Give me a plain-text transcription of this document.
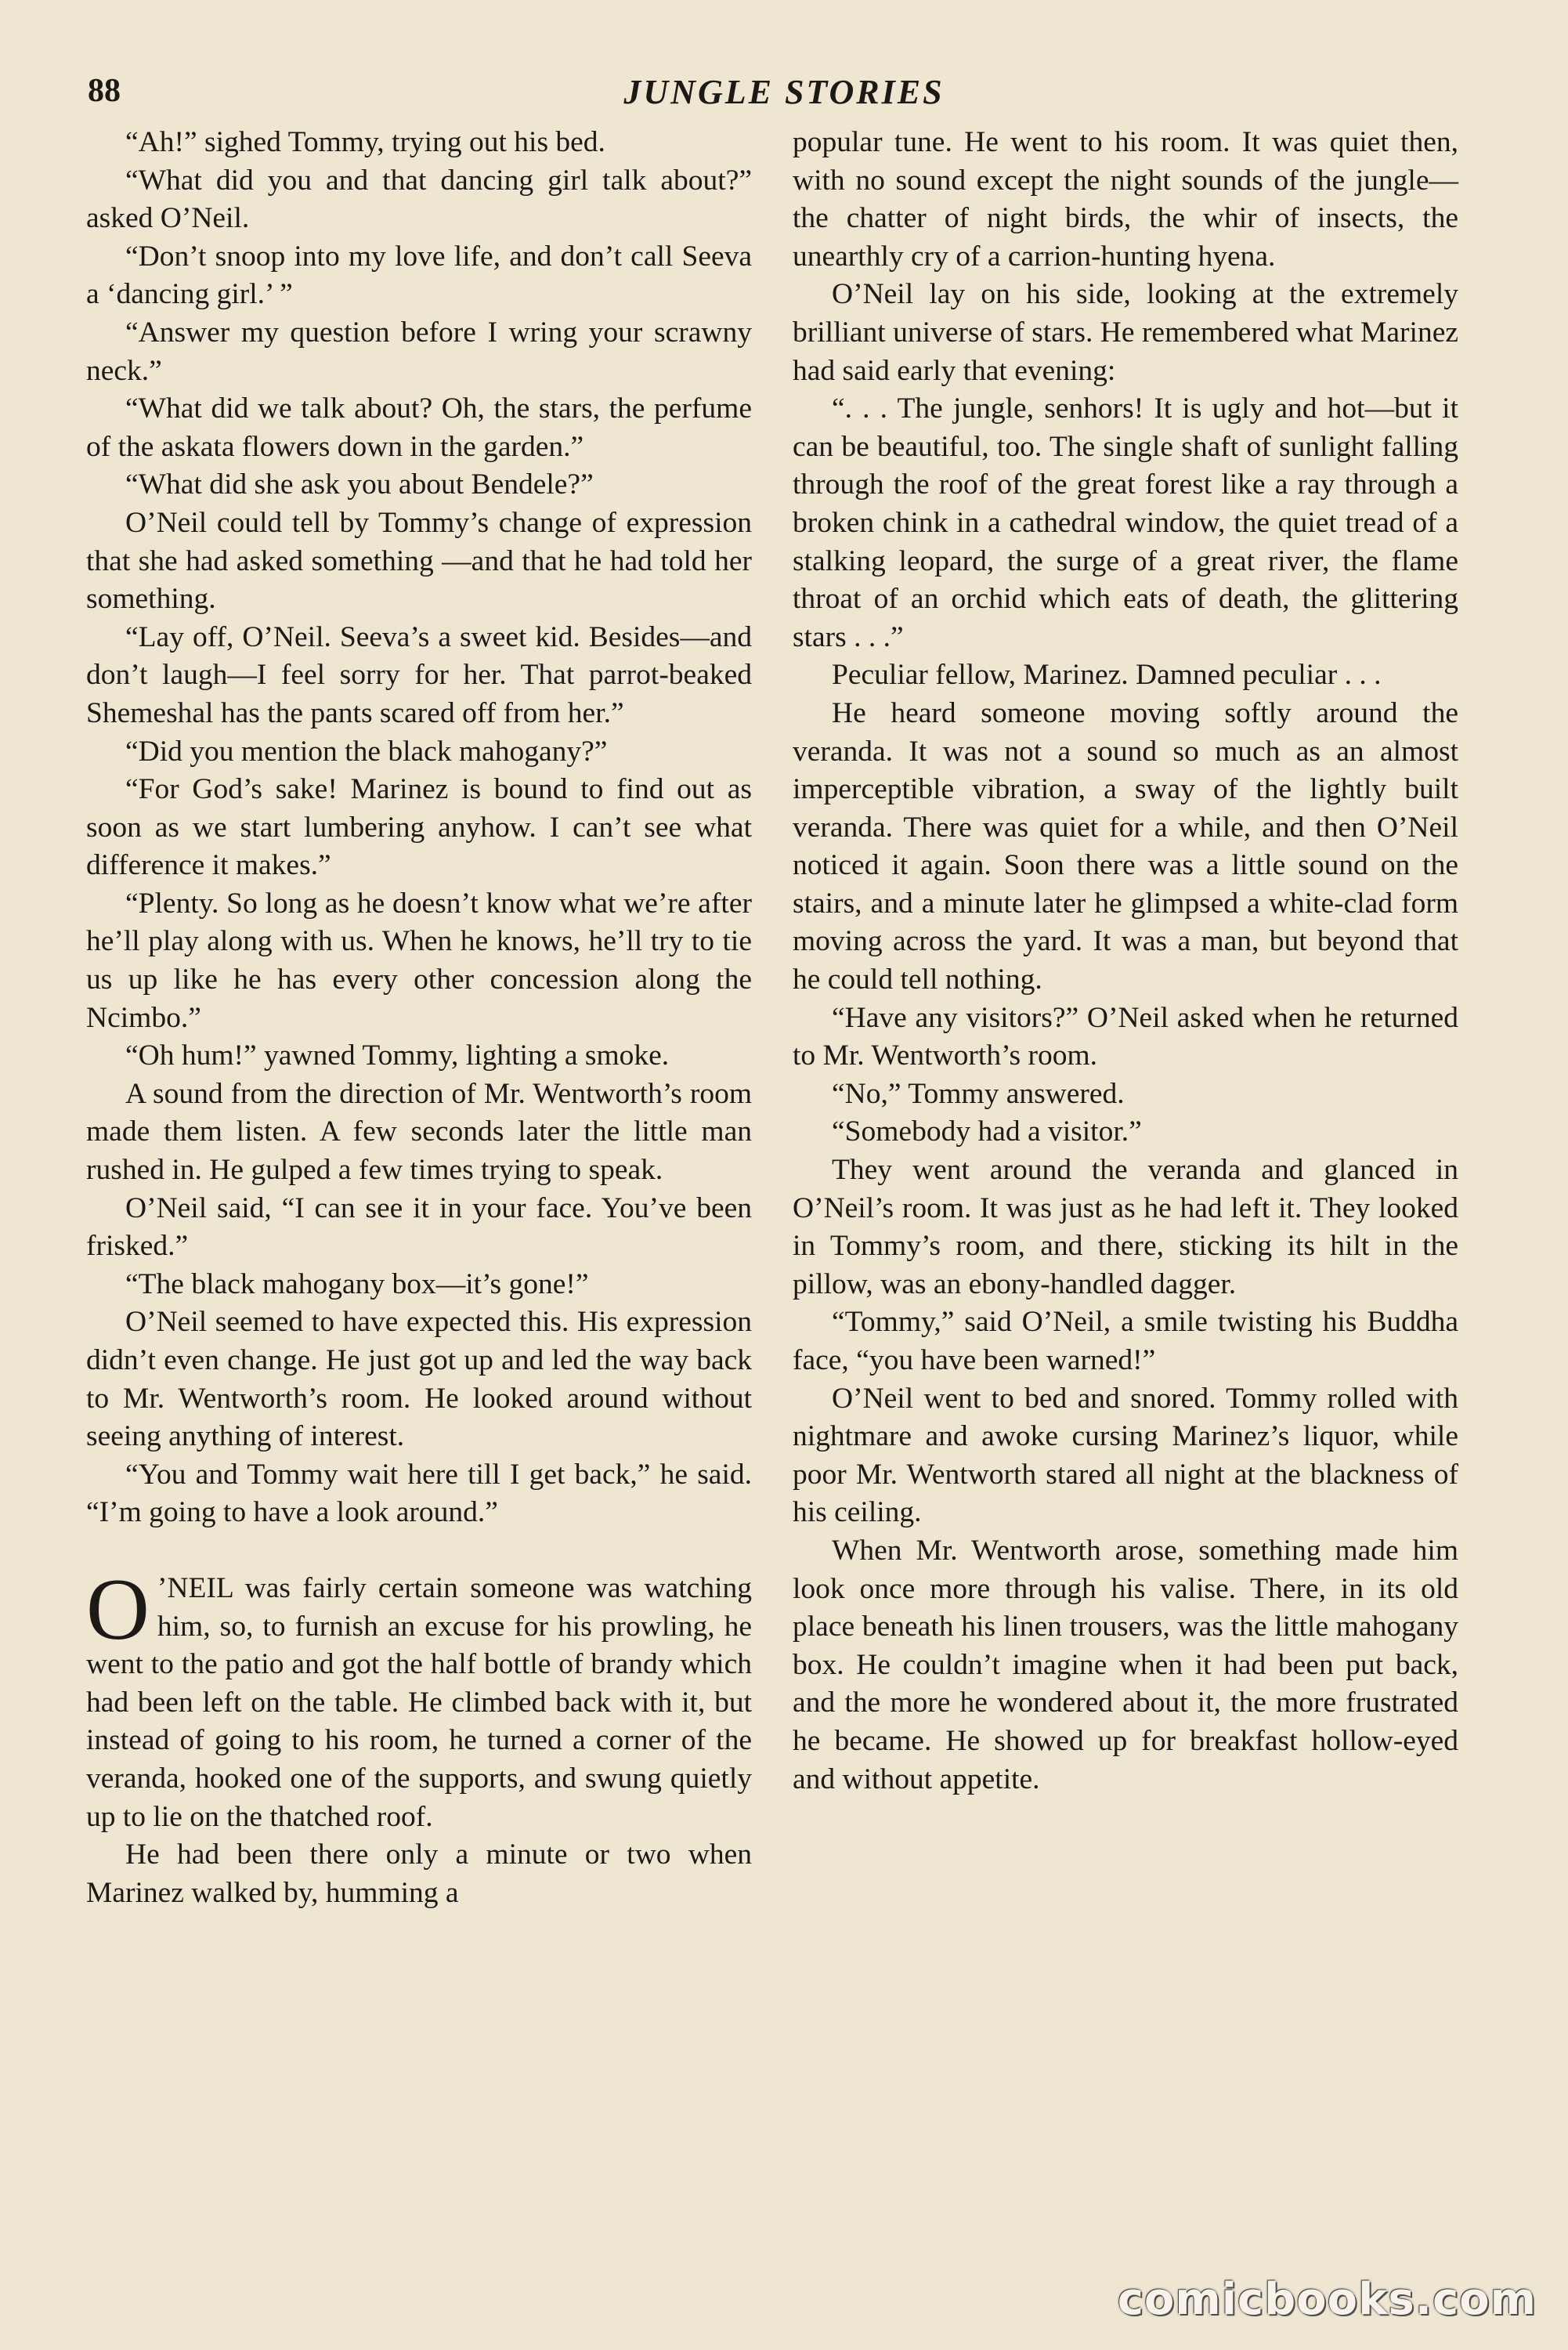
88	JUNGLE STORIES

“Ah!” sighed Tommy, trying out his bed.

“What did you and that dancing girl talk about?” asked O’Neil.

“Don’t snoop into my love life, and don’t call Seeva a ‘dancing girl.’ ”

“Answer my question before I wring your scrawny neck.”

“What did we talk about? Oh, the stars, the perfume of the askata flowers down in the garden.”

“What did she ask you about Bendele?”

O’Neil could tell by Tommy’s change of expression that she had asked something —and that he had told her something.

“Lay off, O’Neil. Seeva’s a sweet kid. Besides—and don’t laugh—I feel sorry for her. That parrot-beaked Shemeshal has the pants scared off from her.”

“Did you mention the black mahogany?”

“For God’s sake! Marinez is bound to find out as soon as we start lumbering anyhow. I can’t see what difference it makes.”

“Plenty. So long as he doesn’t know what we’re after he’ll play along with us. When he knows, he’ll try to tie us up like he has every other concession along the Ncimbo.”

“Oh hum!” yawned Tommy, lighting a smoke.

A sound from the direction of Mr. Wentworth’s room made them listen. A few seconds later the little man rushed in. He gulped a few times trying to speak.

O’Neil said, “I can see it in your face. You’ve been frisked.”

“The black mahogany box—it’s gone!”

O’Neil seemed to have expected this. His expression didn’t even change. He just got up and led the way back to Mr. Wentworth’s room. He looked around without seeing anything of interest.

“You and Tommy wait here till I get back,” he said. “I’m going to have a look around.”

O ’NEIL was fairly certain someone was watching him, so, to furnish an excuse for his prowling, he went to the patio and got the half bottle of brandy which had been left on the table. He climbed back with it, but instead of going to his room, he turned a corner of the veranda, hooked one of the supports, and swung quietly up to lie on the thatched roof.

He had been there only a minute or two when Marinez walked by, humming a

popular tune. He went to his room. It was quiet then, with no sound except the night sounds of the jungle—the chatter of night birds, the whir of insects, the unearthly cry of a carrion-hunting hyena.

O’Neil lay on his side, looking at the extremely brilliant universe of stars. He remembered what Marinez had said early that evening:

“. . . The jungle, senhors! It is ugly and hot—but it can be beautiful, too. The single shaft of sunlight falling through the roof of the great forest like a ray through a broken chink in a cathedral window, the quiet tread of a stalking leopard, the surge of a great river, the flame throat of an orchid which eats of death, the glittering stars . . .”

Peculiar fellow, Marinez. Damned peculiar . . .

He heard someone moving softly around the veranda. It was not a sound so much as an almost imperceptible vibration, a sway of the lightly built veranda. There was quiet for a while, and then O’Neil noticed it again. Soon there was a little sound on the stairs, and a minute later he glimpsed a white-clad form moving across the yard. It was a man, but beyond that he could tell nothing.

“Have any visitors?” O’Neil asked when he returned to Mr. Wentworth’s room.

“No,” Tommy answered.

“Somebody had a visitor.”

They went around the veranda and glanced in O’Neil’s room. It was just as he had left it. They looked in Tommy’s room, and there, sticking its hilt in the pillow, was an ebony-handled dagger.

“Tommy,” said O’Neil, a smile twisting his Buddha face, “you have been warned!”

O’Neil went to bed and snored. Tommy rolled with nightmare and awoke cursing Marinez’s liquor, while poor Mr. Wentworth stared all night at the blackness of his ceiling.

When Mr. Wentworth arose, something made him look once more through his valise. There, in its old place beneath his linen trousers, was the little mahogany box. He couldn’t imagine when it had been put back, and the more he wondered about it, the more frustrated he became. He showed up for breakfast hollow-eyed and without appetite.

comicbooks.com
